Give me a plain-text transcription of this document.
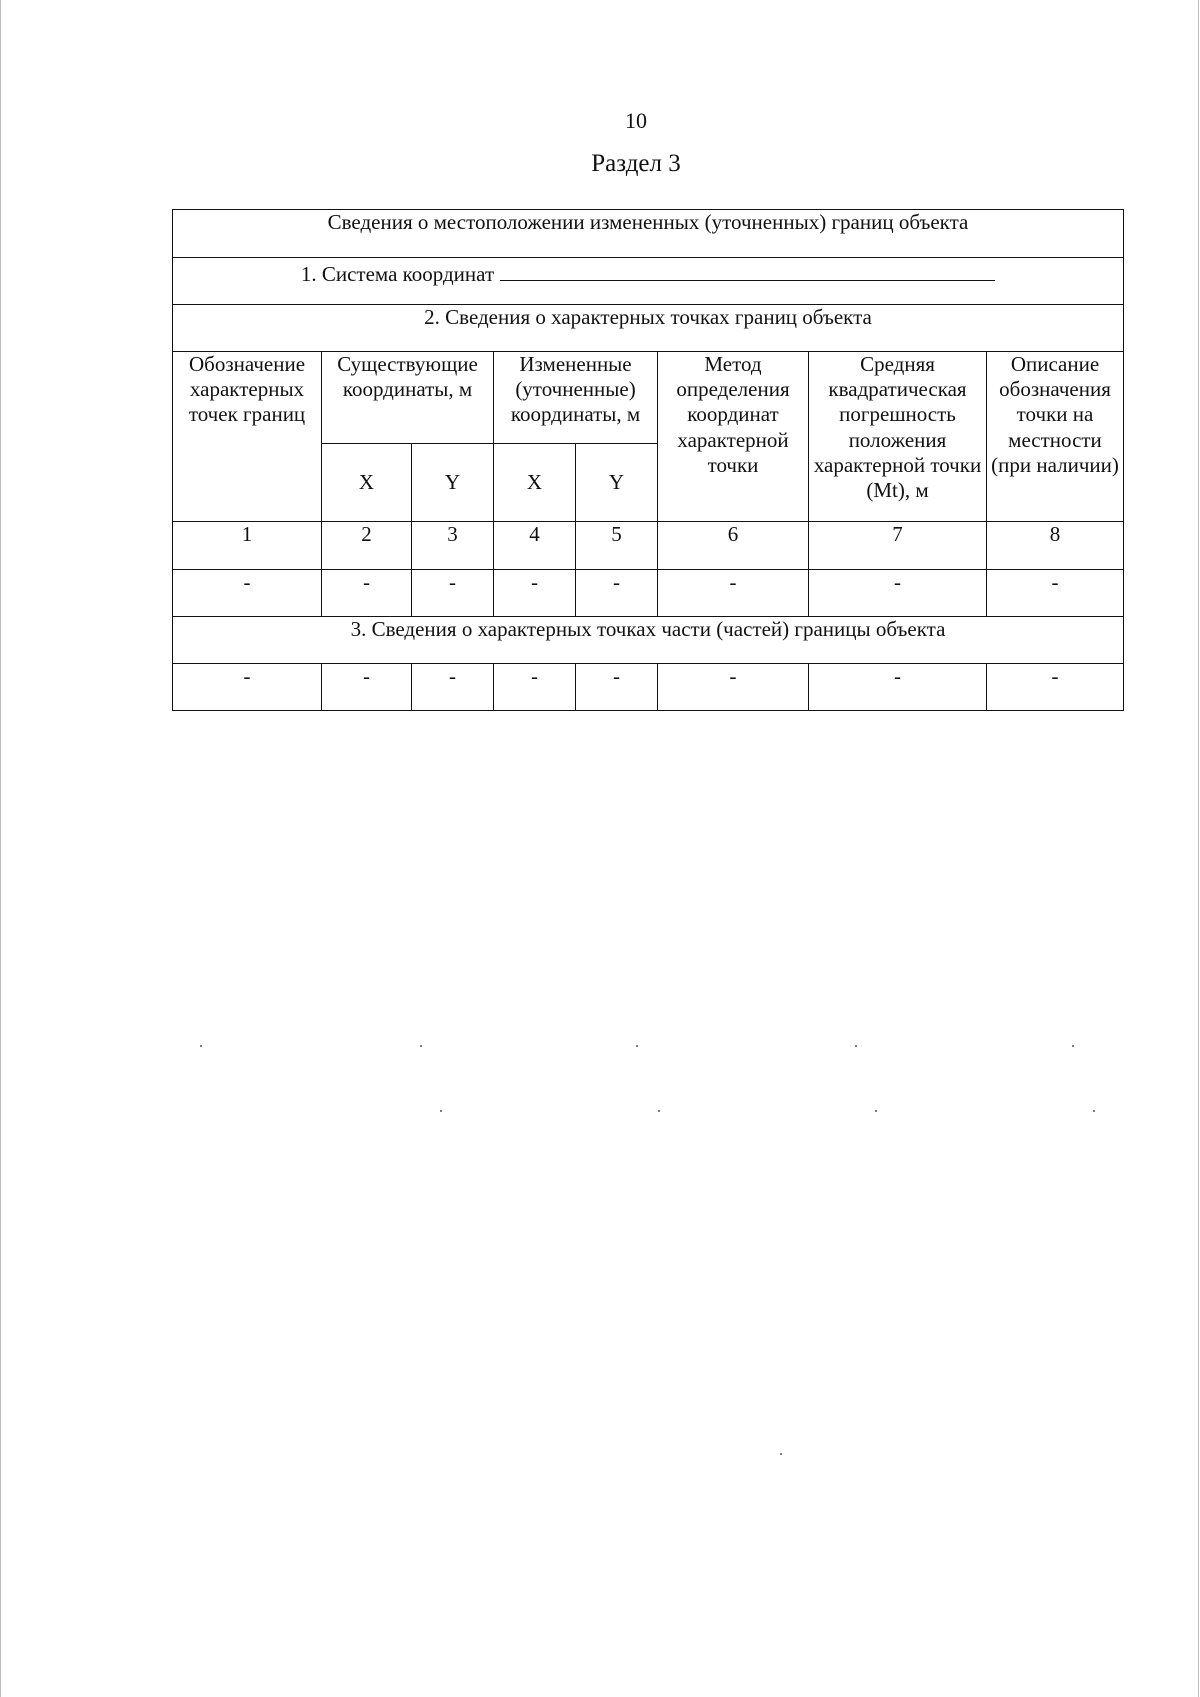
10
Раздел 3
Сведения о местоположении измененных (уточненных) границ объекта							
1. Система координат							
2. Сведения о характерных точках границ объекта							
Обозначение характерных точек границ	Существующие координаты, м		Измененные (уточненные) координаты, м		Метод определения координат характерной точки	Средняя квадратическая погрешность положения характерной точки (Mt), м	Описание обозначения точки на местности (при наличии)
	X	Y	X	Y			
1	2	3	4	5	6	7	8
-	-	-	-	-	-	-	-
3. Сведения о характерных точках части (частей) границы объекта							
-	-	-	-	-	-	-	-
